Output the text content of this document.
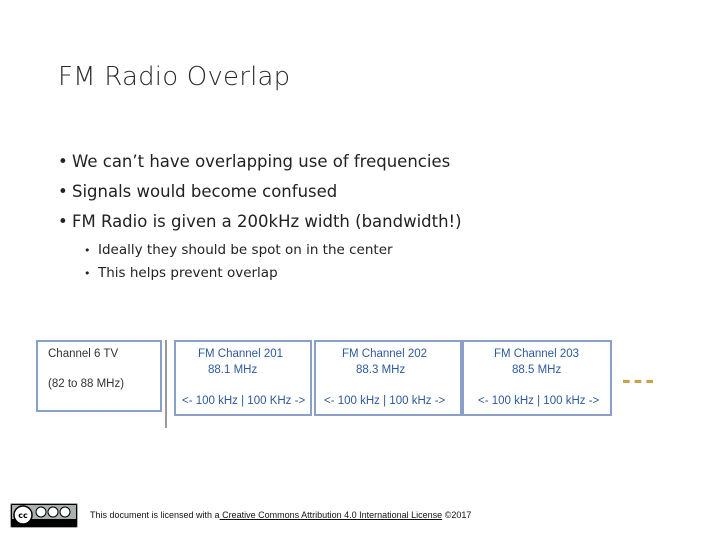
FM Radio Overlap
• We can’t have overlapping use of frequencies
• Signals would become confused
• FM Radio is given a 200kHz width (bandwidth!)
• Ideally they should be spot on in the center
• This helps prevent overlap
Channel 6 TV
(82 to 88 MHz)
FM Channel 201
88.1 MHz
<- 100 kHz | 100 KHz ->
FM Channel 202
88.3 MHz
<- 100 kHz | 100 kHz ->
FM Channel 203
88.5 MHz
<- 100 kHz | 100 kHz ->
---
cc	This document is licensed with a Creative Commons Attribution 4.0 International License ©2017
